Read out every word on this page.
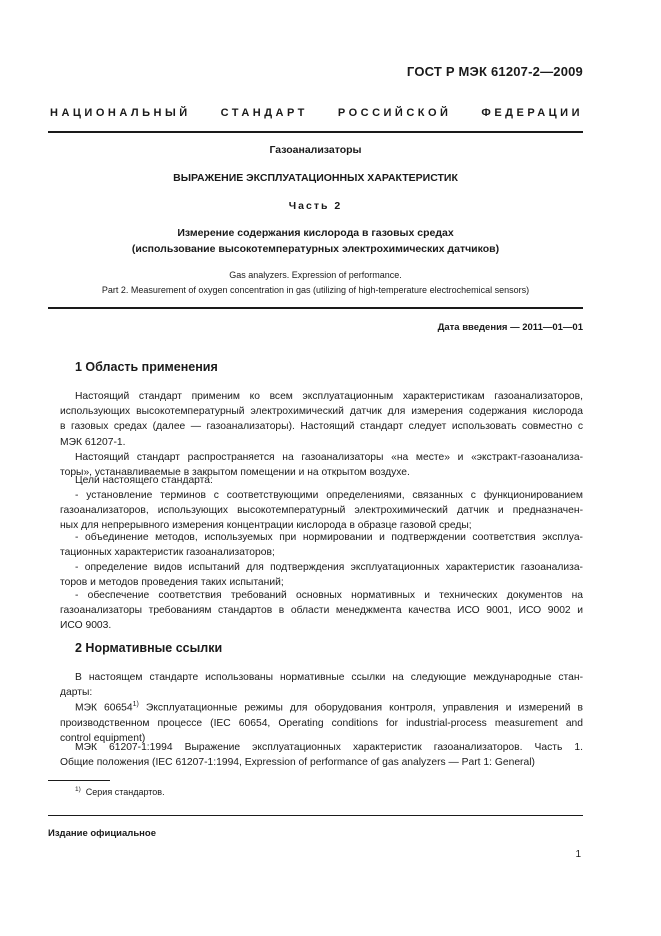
ГОСТ Р МЭК 61207-2—2009
НАЦИОНАЛЬНЫЙ СТАНДАРТ РОССИЙСКОЙ ФЕДЕРАЦИИ
Газоанализаторы
ВЫРАЖЕНИЕ ЭКСПЛУАТАЦИОННЫХ ХАРАКТЕРИСТИК
Часть 2
Измерение содержания кислорода в газовых средах
(использование высокотемпературных электрохимических датчиков)
Gas analyzers. Expression of performance.
Part 2. Measurement of oxygen concentration in gas (utilizing of high-temperature electrochemical sensors)
Дата введения — 2011—01—01
1 Область применения
Настоящий стандарт применим ко всем эксплуатационным характеристикам газоанализаторов,
использующих высокотемпературный электрохимический датчик для измерения содержания кислорода
в газовых средах (далее — газоанализаторы). Настоящий стандарт следует использовать совместно с
МЭК 61207-1.
Настоящий стандарт распространяется на газоанализаторы «на месте» и «экстракт-газоанализа-
торы», устанавливаемые в закрытом помещении и на открытом воздухе.
Цели настоящего стандарта:
- установление терминов с соответствующими определениями, связанных с функционированием
газоанализаторов, использующих высокотемпературный электрохимический датчик и предназначен-
ных для непрерывного измерения концентрации кислорода в образце газовой среды;
- объединение методов, используемых при нормировании и подтверждении соответствия эксплуа-
тационных характеристик газоанализаторов;
- определение видов испытаний для подтверждения эксплуатационных характеристик газоанализа-
торов и методов проведения таких испытаний;
- обеспечение соответствия требований основных нормативных и технических документов на
газоанализаторы требованиям стандартов в области менеджмента качества ИСО 9001, ИСО 9002 и
ИСО 9003.
2 Нормативные ссылки
В настоящем стандарте использованы нормативные ссылки на следующие международные стан-
дарты:
МЭК 60654$^{1)}$ Эксплуатационные режимы для оборудования контроля, управления и измерений в
производственном процессе (IEC 60654, Operating conditions for industrial-process measurement and
control equipment)
МЭК 61207-1:1994 Выражение эксплуатационных характеристик газоанализаторов. Часть 1.
Общие положения (IEC 61207-1:1994, Expression of performance of gas analyzers — Part 1: General)
$^{1)}$ Серия стандартов.
Издание официальное
1
